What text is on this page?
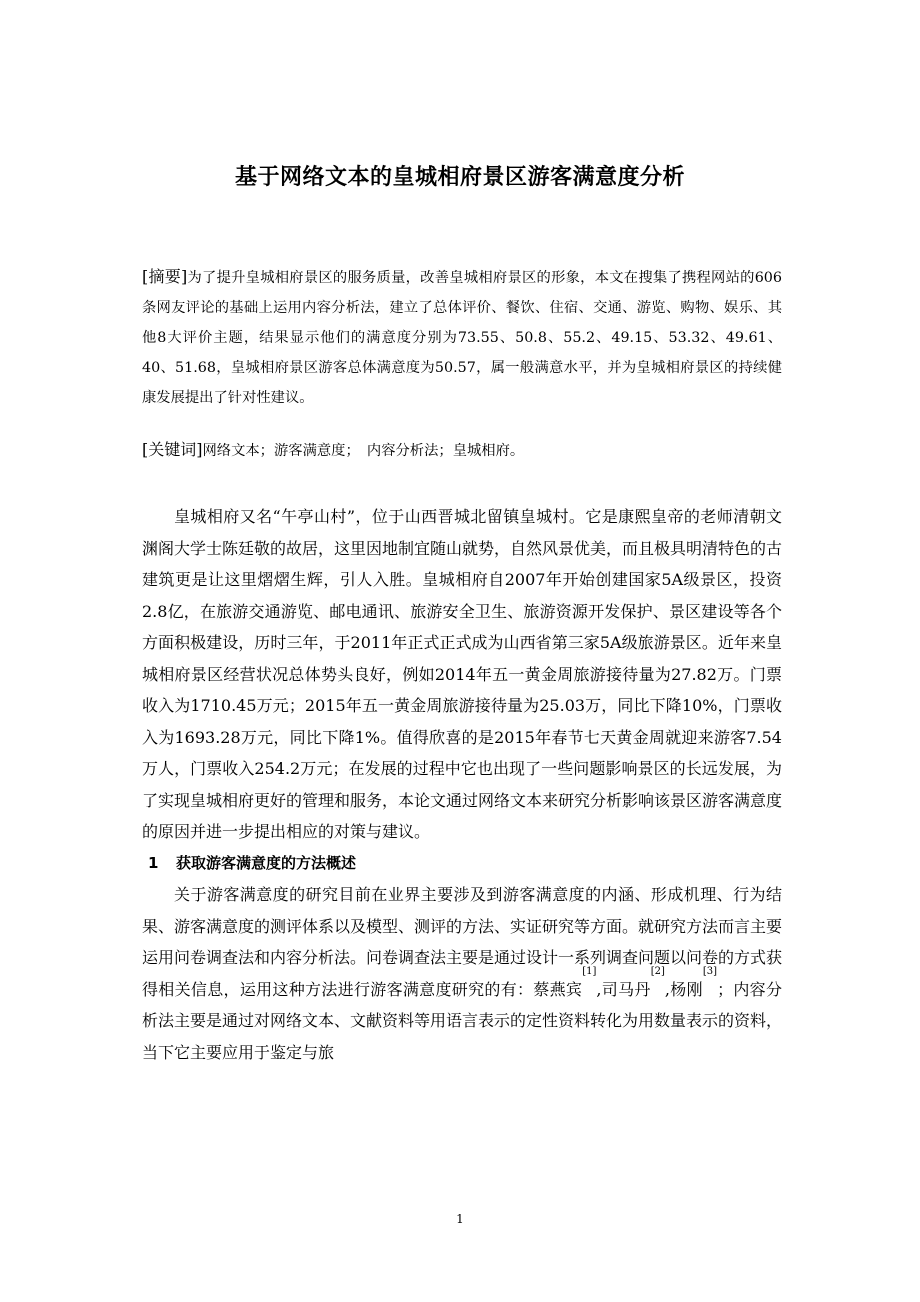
基于网络文本的皇城相府景区游客满意度分析
[摘要]为了提升皇城相府景区的服务质量，改善皇城相府景区的形象，本文在搜集了携程网站的606条网友评论的基础上运用内容分析法，建立了总体评价、餐饮、住宿、交通、游览、购物、娱乐、其他8大评价主题，结果显示他们的满意度分别为73.55、50.8、55.2、49.15、53.32、49.61、40、51.68，皇城相府景区游客总体满意度为50.57，属一般满意水平，并为皇城相府景区的持续健康发展提出了针对性建议。
[关键词]网络文本；游客满意度；　内容分析法；皇城相府。

皇城相府又名“午亭山村”，位于山西晋城北留镇皇城村。它是康熙皇帝的老师清朝文渊阁大学士陈廷敬的故居，这里因地制宜随山就势，自然风景优美，而且极具明清特色的古建筑更是让这里熠熠生辉，引人入胜。皇城相府自2007年开始创建国家5A级景区，投资2.8亿，在旅游交通游览、邮电通讯、旅游安全卫生、旅游资源开发保护、景区建设等各个方面积极建设，历时三年，于2011年正式正式成为山西省第三家5A级旅游景区。近年来皇城相府景区经营状况总体势头良好，例如2014年五一黄金周旅游接待量为27.82万。门票收入为1710.45万元；2015年五一黄金周旅游接待量为25.03万，同比下降10%，门票收入为1693.28万元，同比下降1%。值得欣喜的是2015年春节七天黄金周就迎来游客7.54万人，门票收入254.2万元；在发展的过程中它也出现了一些问题影响景区的长远发展，为了实现皇城相府更好的管理和服务，本论文通过网络文本来研究分析影响该景区游客满意度的原因并进一步提出相应的对策与建议。

1 获取游客满意度的方法概述

关于游客满意度的研究目前在业界主要涉及到游客满意度的内涵、形成机理、行为结果、游客满意度的测评体系以及模型、测评的方法、实证研究等方面。就研究方法而言主要运用问卷调查法和内容分析法。问卷调查法主要是通过设计一系列调查问题以问卷的方式获得相关信息，运用这种方法进行游客满意度研究的有：蔡燕宾[1],司马丹[2],杨刚[3]；内容分析法主要是通过对网络文本、文献资料等用语言表示的定性资料转化为用数量表示的资料，当下它主要应用于鉴定与旅

1
